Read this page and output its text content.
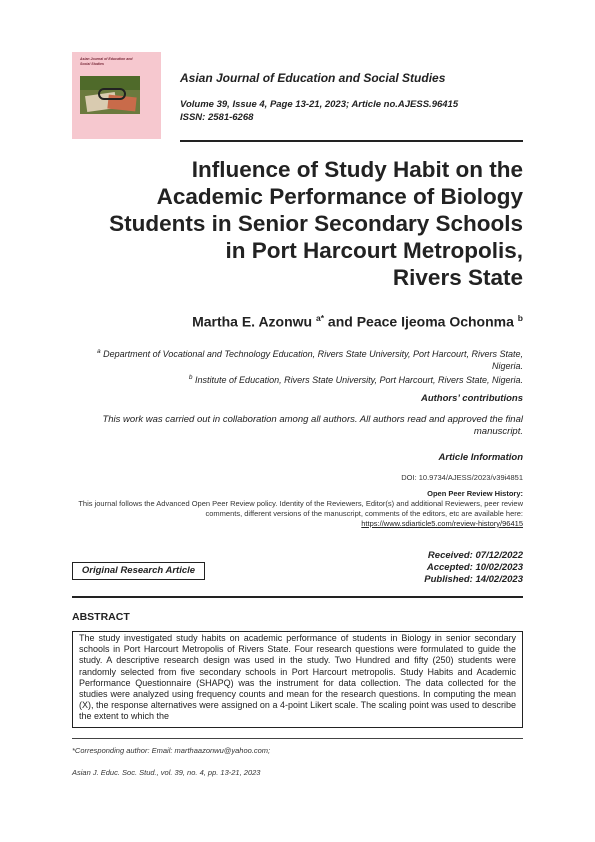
Asian Journal of Education and Social Studies
Asian Journal of Education and Social Studies
Volume 39, Issue 4, Page 13-21, 2023; Article no.AJESS.96415
ISSN: 2581-6268
Influence of Study Habit on the
Academic Performance of Biology
Students in Senior Secondary Schools
in Port Harcourt Metropolis,
Rivers State
Martha E. Azonwu $^{a*}$ and Peace Ijeoma Ochonma $^b$
$^a$ Department of Vocational and Technology Education, Rivers State University, Port Harcourt, Rivers State, Nigeria.
$^b$ Institute of Education, Rivers State University, Port Harcourt, Rivers State, Nigeria.
Authors’ contributions
This work was carried out in collaboration among all authors. All authors read and approved the final manuscript.
Article Information
DOI: 10.9734/AJESS/2023/v39i4851
Open Peer Review History:
This journal follows the Advanced Open Peer Review policy. Identity of the Reviewers, Editor(s) and additional Reviewers, peer review comments, different versions of the manuscript, comments of the editors, etc are available here:
https://www.sdiarticle5.com/review-history/96415
Original Research Article
Received: 07/12/2022
Accepted: 10/02/2023
Published: 14/02/2023
ABSTRACT
The study investigated study habits on academic performance of students in Biology in senior secondary schools in Port Harcourt Metropolis of Rivers State. Four research questions were formulated to guide the study. A descriptive research design was used in the study. Two Hundred and fifty (250) students were randomly selected from five secondary schools in Port Harcourt metropolis. Study Habits and Academic Performance Questionnaire (SHAPQ) was the instrument for data collection. The data collected for the studies were analyzed using frequency counts and mean for the research questions. In computing the mean (X), the response alternatives were assigned on a 4-point Likert scale. The scaling point was used to describe the extent to which the
*Corresponding author: Email: marthaazonwu@yahoo.com;
Asian J. Educ. Soc. Stud., vol. 39, no. 4, pp. 13-21, 2023
